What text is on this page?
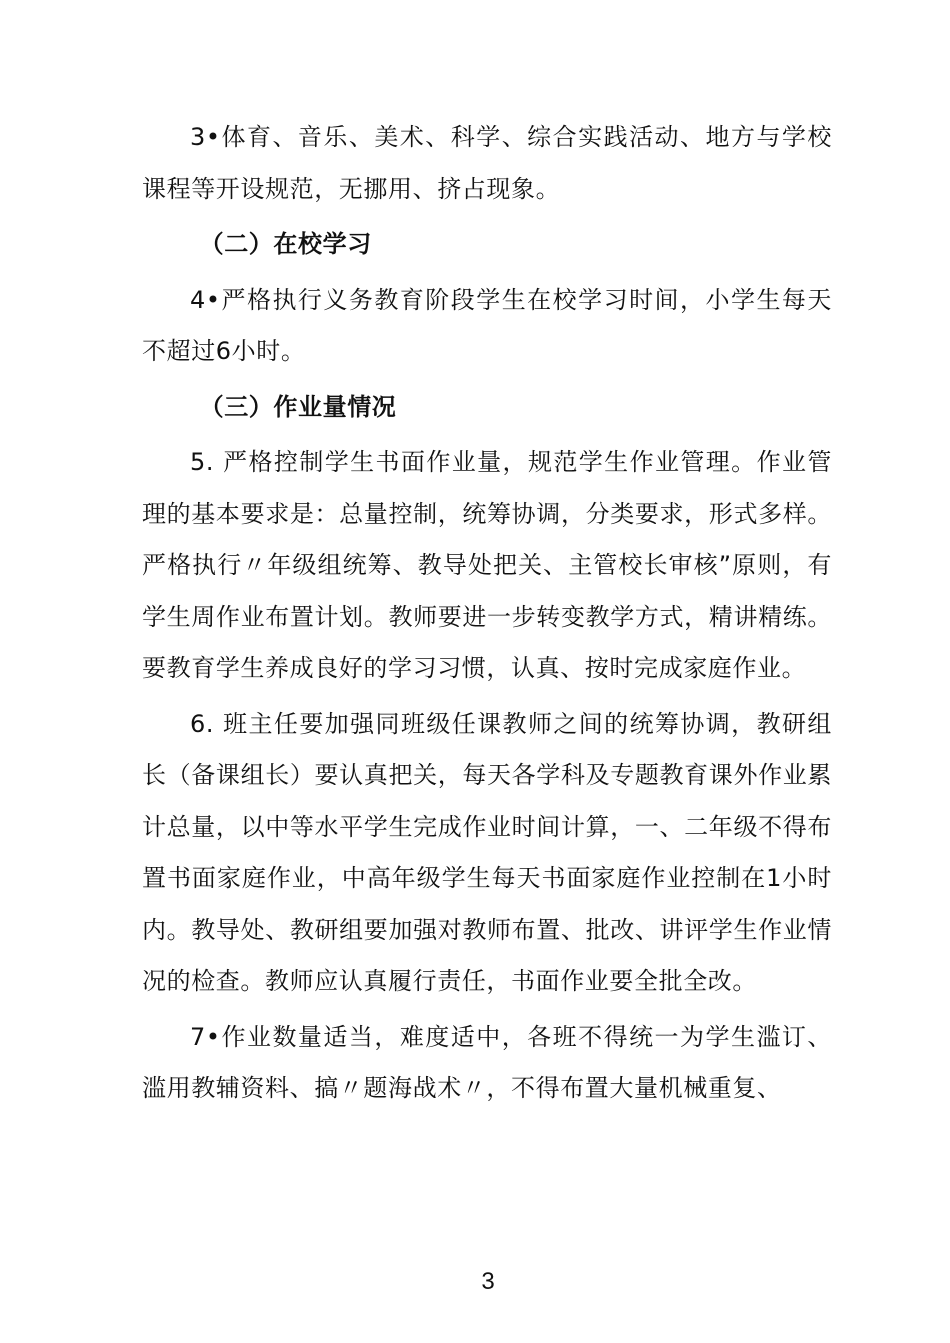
3•体育、音乐、美术、科学、综合实践活动、地方与学校课程等开设规范，无挪用、挤占现象。

（二）在校学习

4•严格执行义务教育阶段学生在校学习时间，小学生每天不超过6小时。

（三）作业量情况

5. 严格控制学生书面作业量，规范学生作业管理。作业管理的基本要求是：总量控制，统筹协调，分类要求，形式多样。严格执行〃年级组统筹、教导处把关、主管校长审核”原则，有学生周作业布置计划。教师要进一步转变教学方式，精讲精练。要教育学生养成良好的学习习惯，认真、按时完成家庭作业。

6. 班主任要加强同班级任课教师之间的统筹协调，教研组长（备课组长）要认真把关，每天各学科及专题教育课外作业累计总量，以中等水平学生完成作业时间计算，一、二年级不得布置书面家庭作业，中高年级学生每天书面家庭作业控制在1小时内。教导处、教研组要加强对教师布置、批改、讲评学生作业情况的检查。教师应认真履行责任，书面作业要全批全改。

7•作业数量适当，难度适中，各班不得统一为学生滥订、滥用教辅资料、搞〃题海战术〃，不得布置大量机械重复、

3
